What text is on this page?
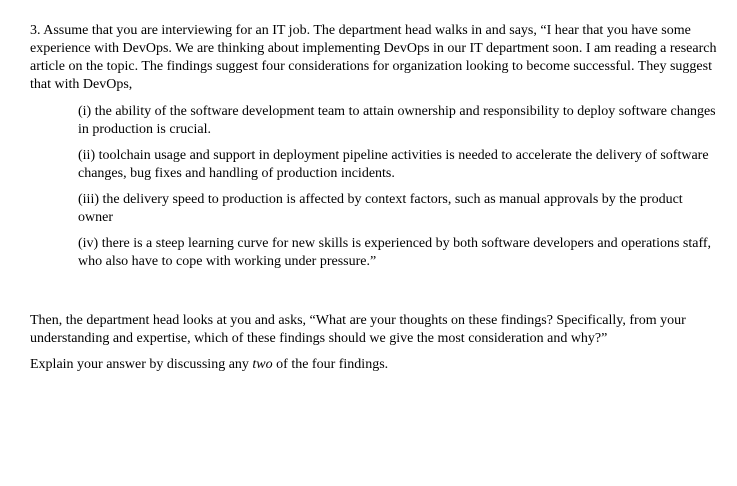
3. Assume that you are interviewing for an IT job. The department head walks in and says, “I hear that you have some experience with DevOps. We are thinking about implementing DevOps in our IT department soon. I am reading a research article on the topic. The findings suggest four considerations for organization looking to become successful. They suggest that with DevOps,

(i) the ability of the software development team to attain ownership and responsibility to deploy software changes in production is crucial.

(ii) toolchain usage and support in deployment pipeline activities is needed to accelerate the delivery of software changes, bug fixes and handling of production incidents.

(iii) the delivery speed to production is affected by context factors, such as manual approvals by the product owner

(iv) there is a steep learning curve for new skills is experienced by both software developers and operations staff, who also have to cope with working under pressure.”

Then, the department head looks at you and asks, “What are your thoughts on these findings? Specifically, from your understanding and expertise, which of these findings should we give the most consideration and why?”

Explain your answer by discussing any two of the four findings.
